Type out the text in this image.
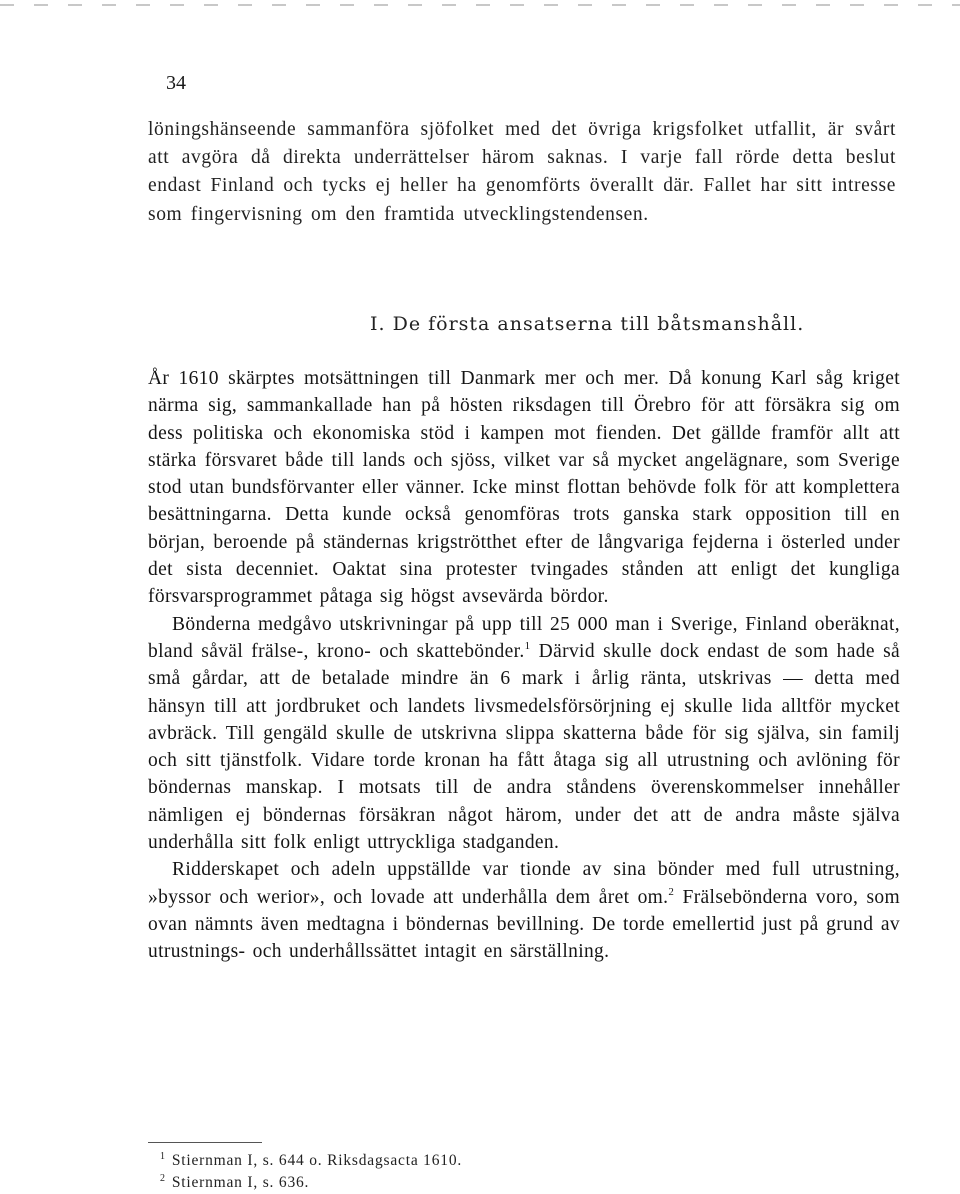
34

löningshänseende sammanföra sjöfolket med det övriga krigsfolket utfallit, är svårt att avgöra då direkta underrättelser härom saknas. I varje fall rörde detta beslut endast Finland och tycks ej heller ha genomförts överallt där. Fallet har sitt intresse som fingervisning om den framtida utvecklingstendensen.

I. De första ansatserna till båtsmanshåll.

År 1610 skärptes motsättningen till Danmark mer och mer. Då konung Karl såg kriget närma sig, sammankallade han på hösten riksdagen till Örebro för att försäkra sig om dess politiska och ekonomiska stöd i kampen mot fienden. Det gällde framför allt att stärka försvaret både till lands och sjöss, vilket var så mycket angelägnare, som Sverige stod utan bundsförvanter eller vänner. Icke minst flottan behövde folk för att komplettera besättningarna. Detta kunde också genomföras trots ganska stark opposition till en början, beroende på ständernas krigströtthet efter de långvariga fejderna i österled under det sista decenniet. Oaktat sina protester tvingades stånden att enligt det kungliga försvarsprogrammet påtaga sig högst avsevärda bördor.

Bönderna medgåvo utskrivningar på upp till 25 000 man i Sverige, Finland oberäknat, bland såväl frälse-, krono- och skattebönder.$^1$ Därvid skulle dock endast de som hade så små gårdar, att de betalade mindre än 6 mark i årlig ränta, utskrivas — detta med hänsyn till att jordbruket och landets livsmedelsförsörjning ej skulle lida alltför mycket avbräck. Till gengäld skulle de utskrivna slippa skatterna både för sig själva, sin familj och sitt tjänstfolk. Vidare torde kronan ha fått åtaga sig all utrustning och avlöning för böndernas manskap. I motsats till de andra ståndens överenskommelser innehåller nämligen ej böndernas försäkran något härom, under det att de andra måste själva underhålla sitt folk enligt uttryckliga stadganden.

Ridderskapet och adeln uppställde var tionde av sina bönder med full utrustning, »byssor och werior», och lovade att underhålla dem året om.$^2$ Frälsebönderna voro, som ovan nämnts även medtagna i böndernas bevillning. De torde emellertid just på grund av utrustnings- och underhållssättet intagit en särställning.

$^1$ Stiernman I, s. 644 o. Riksdagsacta 1610.
$^2$ Stiernman I, s. 636.
